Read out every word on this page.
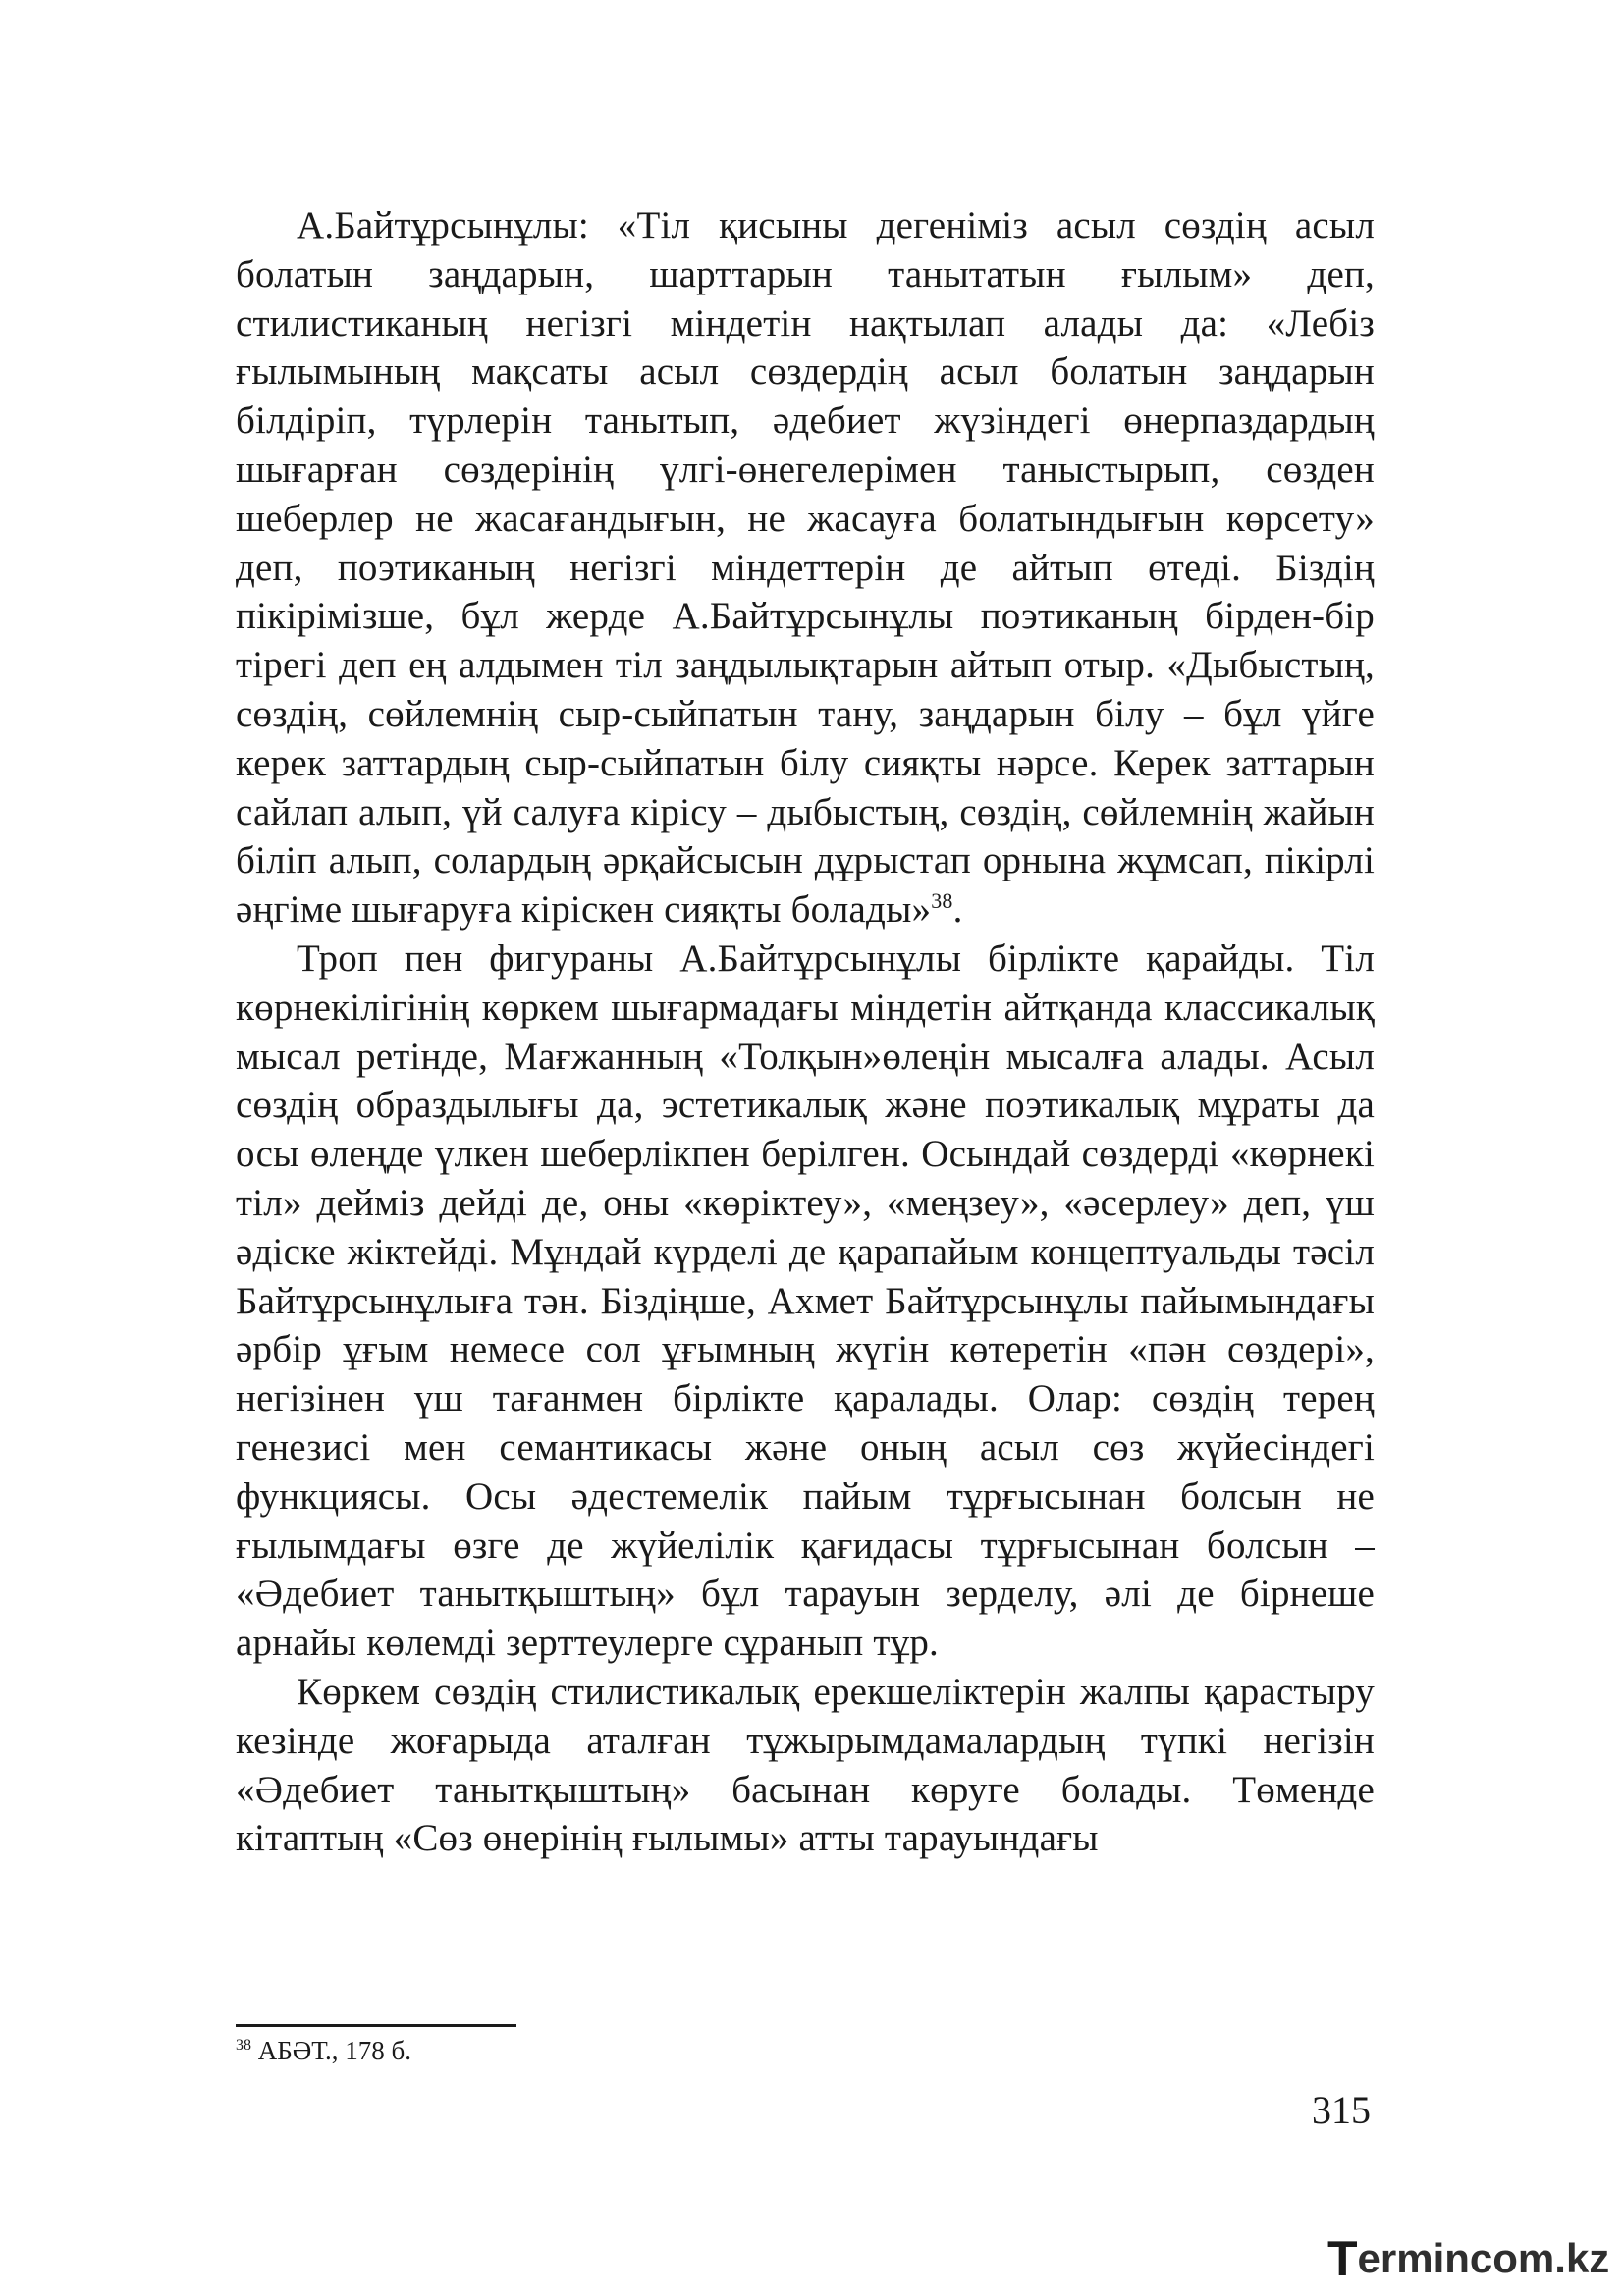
А.Байтұрсынұлы: «Тіл қисыны дегеніміз асыл сөздің асыл болатын заңдарын, шарттарын танытатын ғылым» деп, стилистиканың негізгі міндетін нақтылап алады да: «Лебіз ғылымының мақсаты асыл сөздердің асыл болатын заңдарын білдіріп, түрлерін танытып, әдебиет жүзіндегі өнерпаздардың шығарған сөздерінің үлгі-өнегелерімен таныстырып, сөзден шеберлер не жасағандығын, не жасауға болатындығын көрсету» деп, поэтиканың негізгі міндеттерін де айтып өтеді. Біздің пікірімізше, бұл жерде А.Байтұрсынұлы поэтиканың бірден-бір тірегі деп ең алдымен тіл заңдылықтарын айтып отыр. «Дыбыстың, сөздің, сөйлемнің сыр-сыйпатын тану, заңдарын білу – бұл үйге керек заттардың сыр-сыйпатын білу сияқты нәрсе. Керек заттарын сайлап алып, үй салуға кірісу – дыбыстың, сөздің, сөйлемнің жайын біліп алып, солардың әрқайсысын дұрыстап орнына жұмсап, пікірлі әңгіме шығаруға кіріскен сияқты болады»$^{38}$.

Троп пен фигураны А.Байтұрсынұлы бірлікте қарайды. Тіл көрнекілігінің көркем шығармадағы міндетін айтқанда классикалық мысал ретінде, Мағжанның «Толқын»өлеңін мысалға алады. Асыл сөздің образдылығы да, эстетикалық және поэтикалық мұраты да осы өлеңде үлкен шеберлікпен берілген. Осындай сөздерді «көрнекі тіл» дейміз дейді де, оны «көріктеу», «меңзеу», «әсерлеу» деп, үш әдіске жіктейді. Мұндай күрделі де қарапайым концептуальды тәсіл Байтұрсынұлыға тән. Біздіңше, Ахмет Байтұрсынұлы пайымындағы әрбір ұғым немесе сол ұғымның жүгін көтеретін «пән сөздері», негізінен үш тағанмен бірлікте қаралады. Олар: сөздің терең генезисі мен семантикасы және оның асыл сөз жүйесіндегі функциясы. Осы әдестемелік пайым тұрғысынан болсын не ғылымдағы өзге де жүйелілік қағидасы тұрғысынан болсын – «Әдебиет танытқыштың» бұл тарауын зерделу, әлі де бірнеше арнайы көлемді зерттеулерге сұранып тұр.

Көркем сөздің стилистикалық ерекшеліктерін жалпы қарастыру кезінде жоғарыда аталған тұжырымдамалардың түпкі негізін «Әдебиет танытқыштың» басынан көруге болады. Төменде кітаптың «Сөз өнерінің ғылымы» атты тарауындағы

$^{38}$ АБӘТ., 178 б.
315
T ermincom.kz
